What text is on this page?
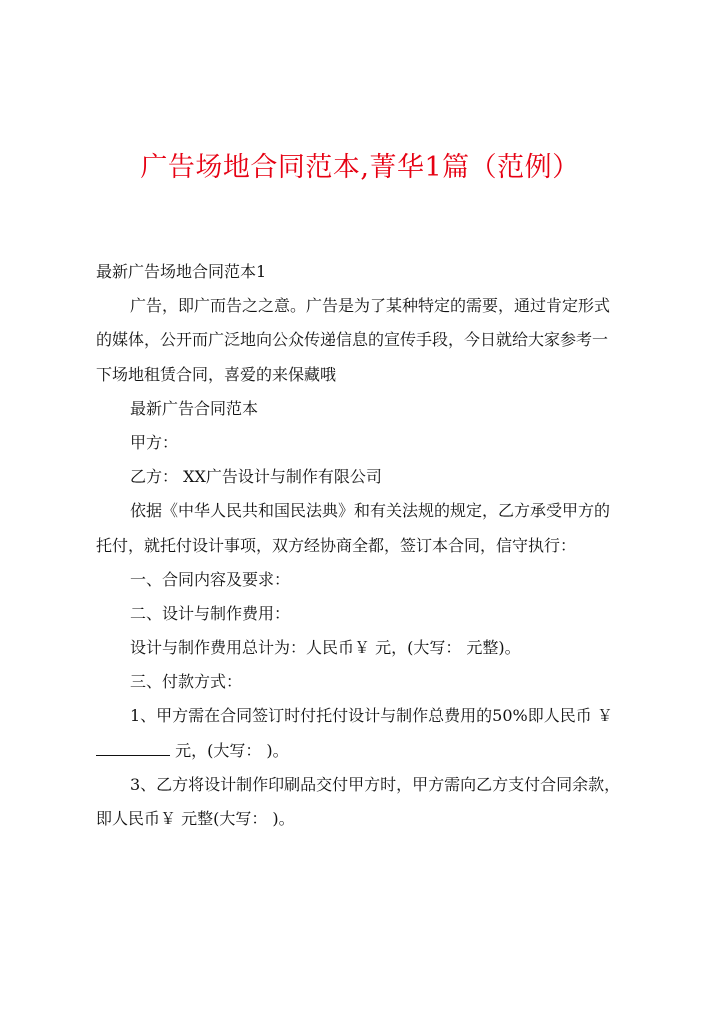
广告场地合同范本,菁华1篇（范例）
最新广告场地合同范本1
广告，即广而告之之意。广告是为了某种特定的需要，通过肯定形式
的媒体，公开而广泛地向公众传递信息的宣传手段，今日就给大家参考一
下场地租赁合同，喜爱的来保藏哦
最新广告合同范本
甲方：
乙方： XX广告设计与制作有限公司
依据《中华人民共和国民法典》和有关法规的规定，乙方承受甲方的
托付，就托付设计事项，双方经协商全都，签订本合同，信守执行：
一、合同内容及要求：
二、设计与制作费用：
设计与制作费用总计为：人民币￥ 元，(大写： 元整)。
三、付款方式：
1、甲方需在合同签订时付托付设计与制作总费用的50%即人民币 ￥
元，(大写： )。
3、乙方将设计制作印刷品交付甲方时，甲方需向乙方支付合同余款，
即人民币￥ 元整(大写： )。
